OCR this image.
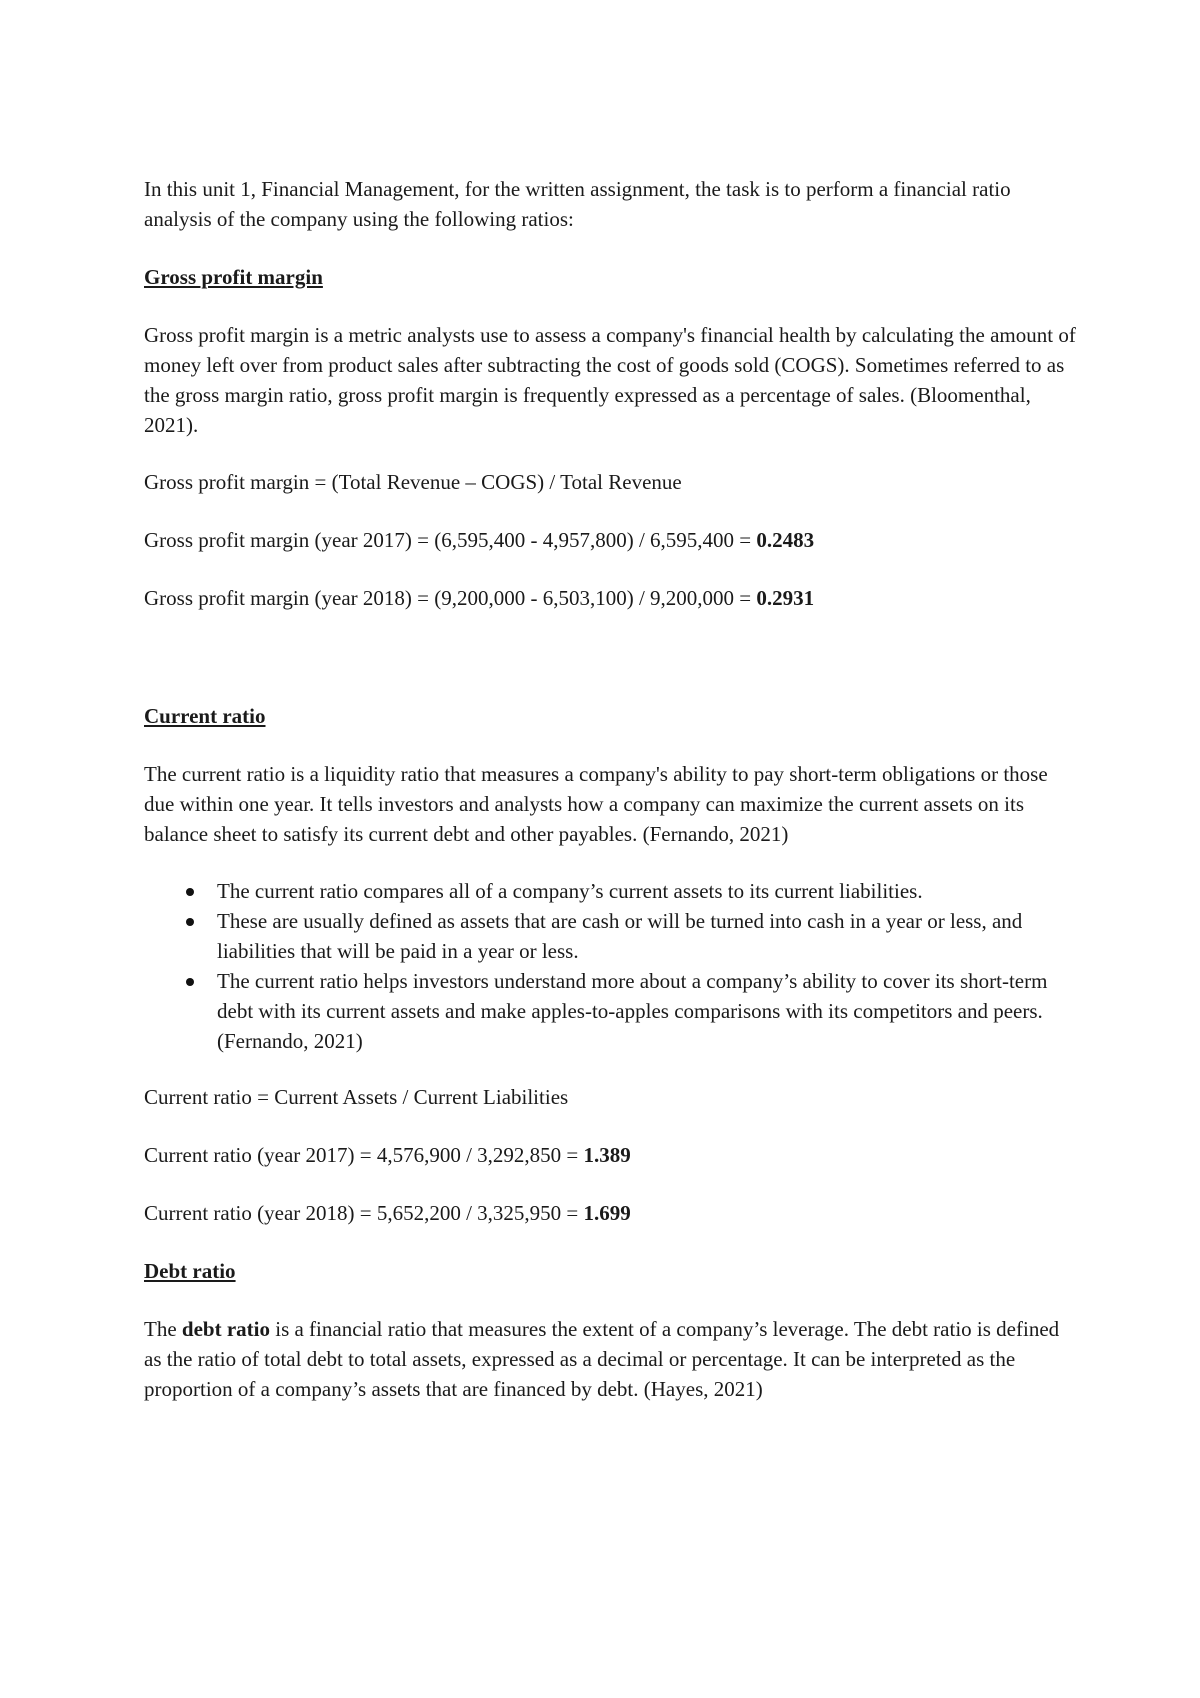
In this unit 1, Financial Management, for the written assignment, the task is to perform a financial ratio analysis of the company using the following ratios:

Gross profit margin

Gross profit margin is a metric analysts use to assess a company's financial health by calculating the amount of money left over from product sales after subtracting the cost of goods sold (COGS). Sometimes referred to as the gross margin ratio, gross profit margin is frequently expressed as a percentage of sales. (Bloomenthal, 2021).

Gross profit margin = (Total Revenue – COGS) / Total Revenue

Gross profit margin (year 2017) = (6,595,400 - 4,957,800) / 6,595,400 = 0.2483

Gross profit margin (year 2018) = (9,200,000 - 6,503,100) / 9,200,000 = 0.2931

Current ratio

The current ratio is a liquidity ratio that measures a company's ability to pay short-term obligations or those due within one year. It tells investors and analysts how a company can maximize the current assets on its balance sheet to satisfy its current debt and other payables. (Fernando, 2021)

The current ratio compares all of a company’s current assets to its current liabilities.
These are usually defined as assets that are cash or will be turned into cash in a year or less, and liabilities that will be paid in a year or less.
The current ratio helps investors understand more about a company’s ability to cover its short-term debt with its current assets and make apples-to-apples comparisons with its competitors and peers. (Fernando, 2021)

Current ratio = Current Assets / Current Liabilities

Current ratio (year 2017) = 4,576,900 / 3,292,850 = 1.389

Current ratio (year 2018) = 5,652,200 / 3,325,950 = 1.699

Debt ratio

The debt ratio is a financial ratio that measures the extent of a company’s leverage. The debt ratio is defined as the ratio of total debt to total assets, expressed as a decimal or percentage. It can be interpreted as the proportion of a company’s assets that are financed by debt. (Hayes, 2021)
